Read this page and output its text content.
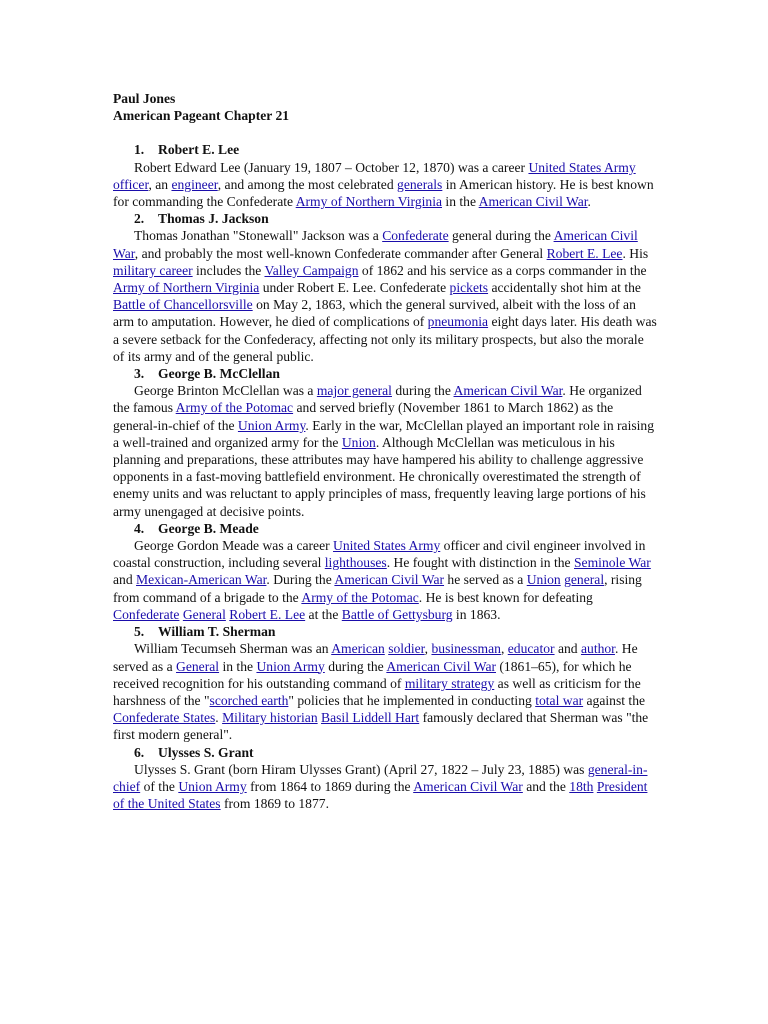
Paul Jones
American Pageant Chapter 21
1. Robert E. Lee
Robert Edward Lee (January 19, 1807 – October 12, 1870) was a career United States Army officer, an engineer, and among the most celebrated generals in American history. He is best known for commanding the Confederate Army of Northern Virginia in the American Civil War.
2. Thomas J. Jackson
Thomas Jonathan "Stonewall" Jackson was a Confederate general during the American Civil War, and probably the most well-known Confederate commander after General Robert E. Lee. His military career includes the Valley Campaign of 1862 and his service as a corps commander in the Army of Northern Virginia under Robert E. Lee. Confederate pickets accidentally shot him at the Battle of Chancellorsville on May 2, 1863, which the general survived, albeit with the loss of an arm to amputation. However, he died of complications of pneumonia eight days later. His death was a severe setback for the Confederacy, affecting not only its military prospects, but also the morale of its army and of the general public.
3. George B. McClellan
George Brinton McClellan was a major general during the American Civil War. He organized the famous Army of the Potomac and served briefly (November 1861 to March 1862) as the general-in-chief of the Union Army. Early in the war, McClellan played an important role in raising a well-trained and organized army for the Union. Although McClellan was meticulous in his planning and preparations, these attributes may have hampered his ability to challenge aggressive opponents in a fast-moving battlefield environment. He chronically overestimated the strength of enemy units and was reluctant to apply principles of mass, frequently leaving large portions of his army unengaged at decisive points.
4. George B. Meade
George Gordon Meade was a career United States Army officer and civil engineer involved in coastal construction, including several lighthouses. He fought with distinction in the Seminole War and Mexican-American War. During the American Civil War he served as a Union general, rising from command of a brigade to the Army of the Potomac. He is best known for defeating Confederate General Robert E. Lee at the Battle of Gettysburg in 1863.
5. William T. Sherman
William Tecumseh Sherman was an American soldier, businessman, educator and author. He served as a General in the Union Army during the American Civil War (1861–65), for which he received recognition for his outstanding command of military strategy as well as criticism for the harshness of the "scorched earth" policies that he implemented in conducting total war against the Confederate States. Military historian Basil Liddell Hart famously declared that Sherman was "the first modern general".
6. Ulysses S. Grant
Ulysses S. Grant (born Hiram Ulysses Grant) (April 27, 1822 – July 23, 1885) was general-in-chief of the Union Army from 1864 to 1869 during the American Civil War and the 18th President of the United States from 1869 to 1877.
